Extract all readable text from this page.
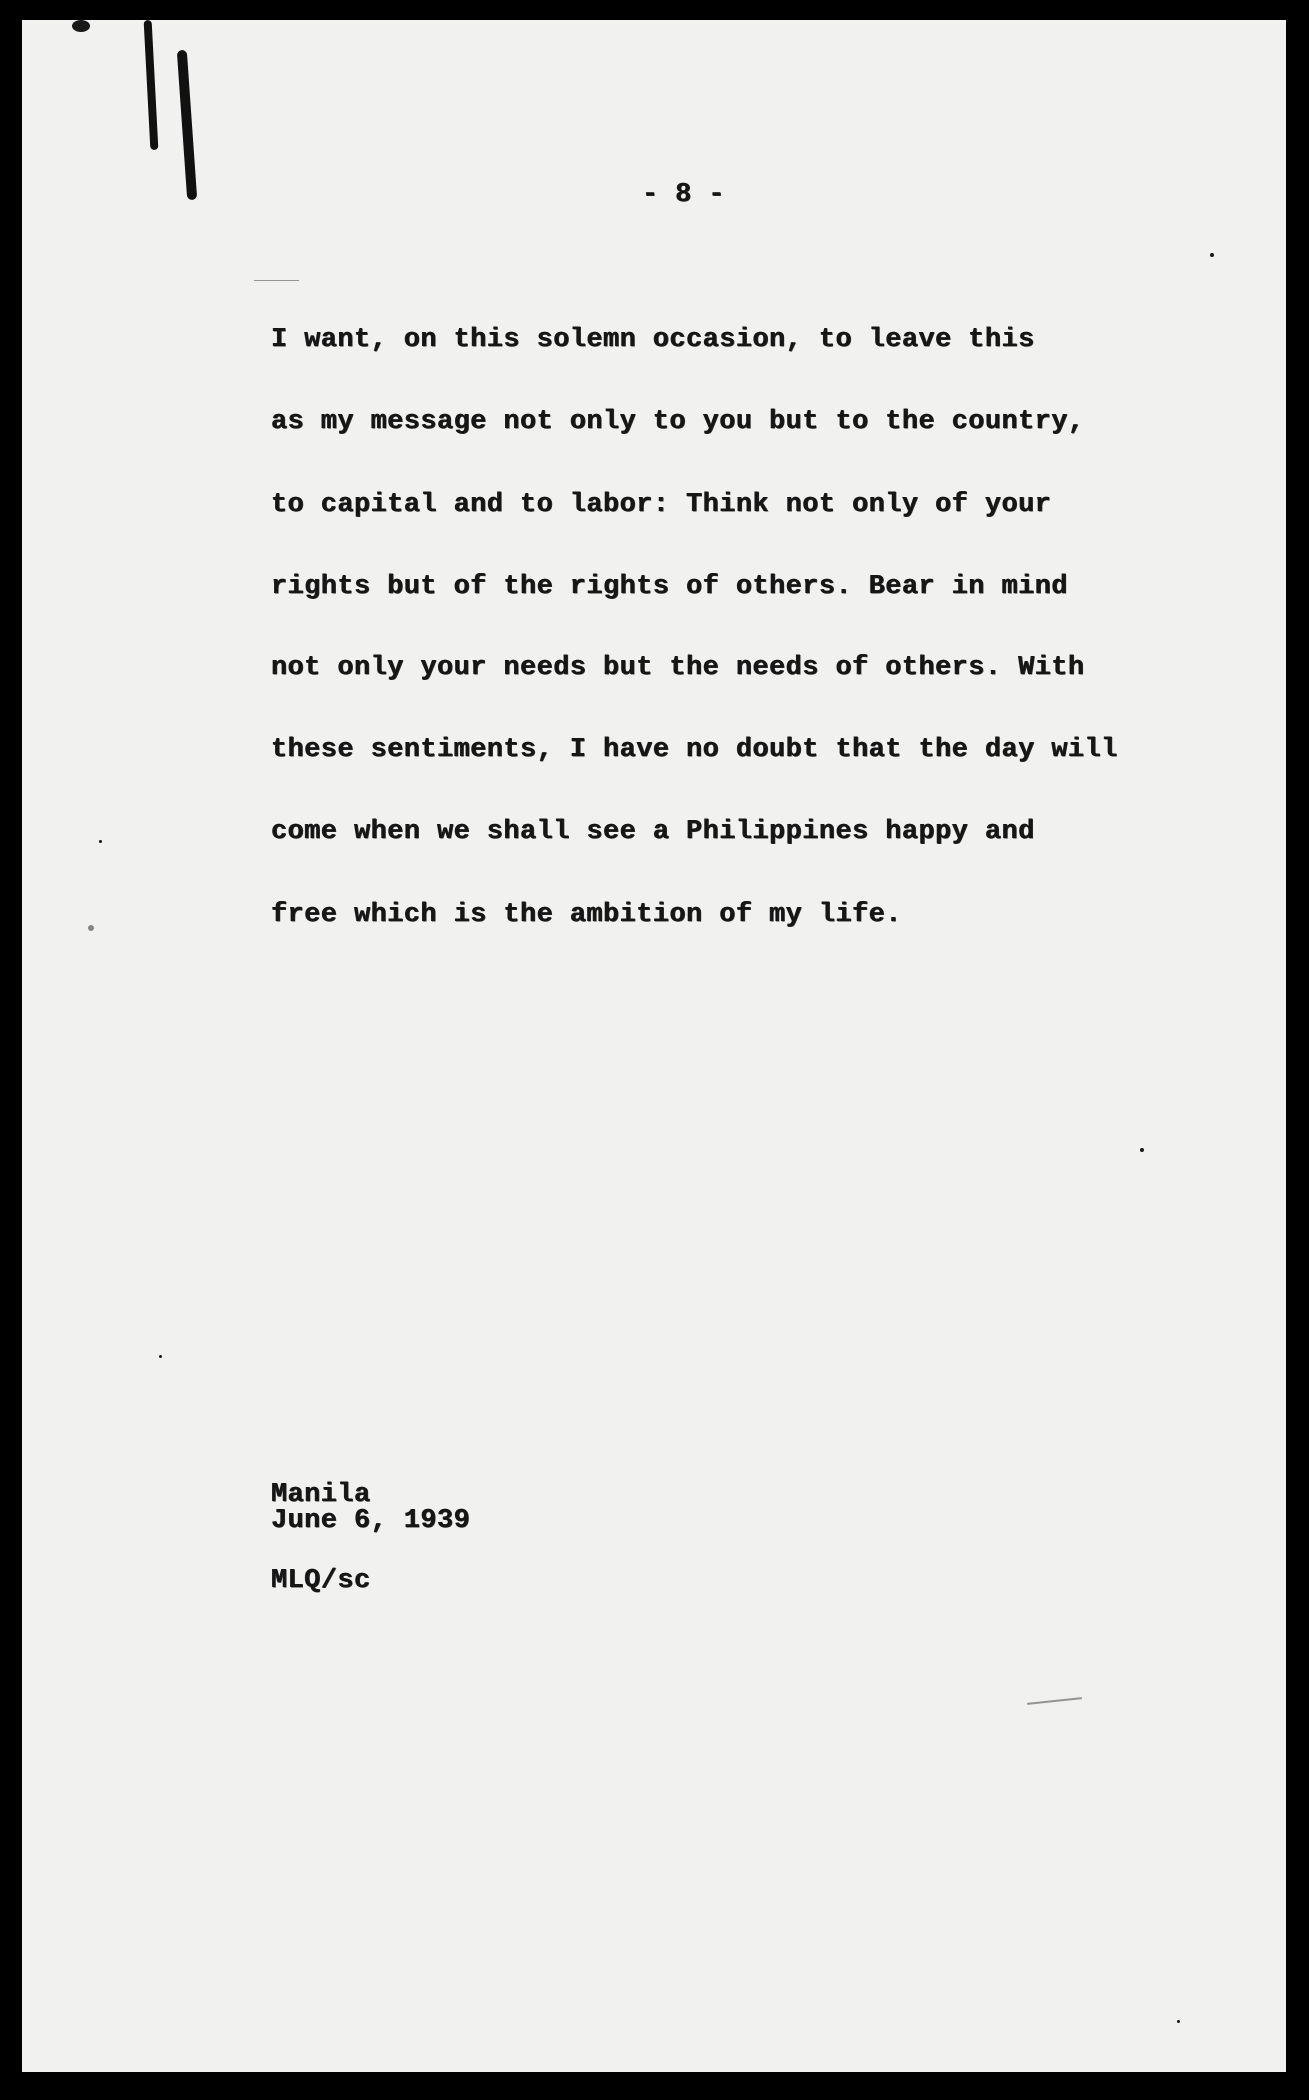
- 8 -
I want, on this solemn occasion, to leave this
as my message not only to you but to the country,
to capital and to labor: Think not only of your
rights but of the rights of others. Bear in mind
not only your needs but the needs of others. With
these sentiments, I have no doubt that the day will
come when we shall see a Philippines happy and
free which is the ambition of my life.
Manila
June 6, 1939
MLQ/sc
